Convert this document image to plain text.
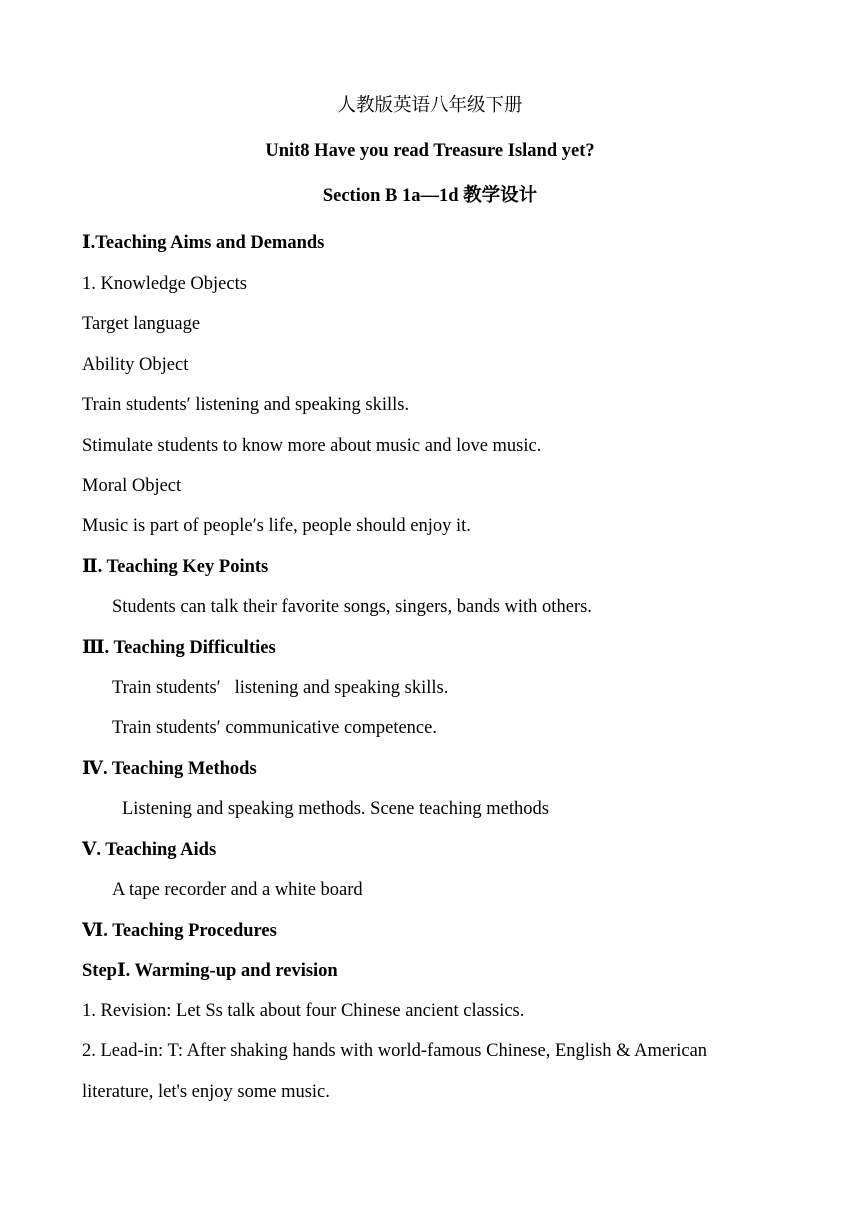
人教版英语八年级下册
Unit8 Have you read Treasure Island yet?
Section B 1a—1d 教学设计
Ⅰ.Teaching Aims and Demands
1. Knowledge Objects
Target language
Ability Object
Train students′ listening and speaking skills.
Stimulate students to know more about music and love music.
Moral Object
Music is part of people′s life, people should enjoy it.
Ⅱ. Teaching Key Points
Students can talk their favorite songs, singers, bands with others.
Ⅲ. Teaching Difficulties
Train students′   listening and speaking skills.
Train students′ communicative competence.
Ⅳ. Teaching Methods
Listening and speaking methods. Scene teaching methods
Ⅴ. Teaching Aids
A tape recorder and a white board
Ⅵ. Teaching Procedures
StepⅠ. Warming-up and revision
1. Revision: Let Ss talk about four Chinese ancient classics.
2. Lead-in: T: After shaking hands with world-famous Chinese, English & American literature, let's enjoy some music.
